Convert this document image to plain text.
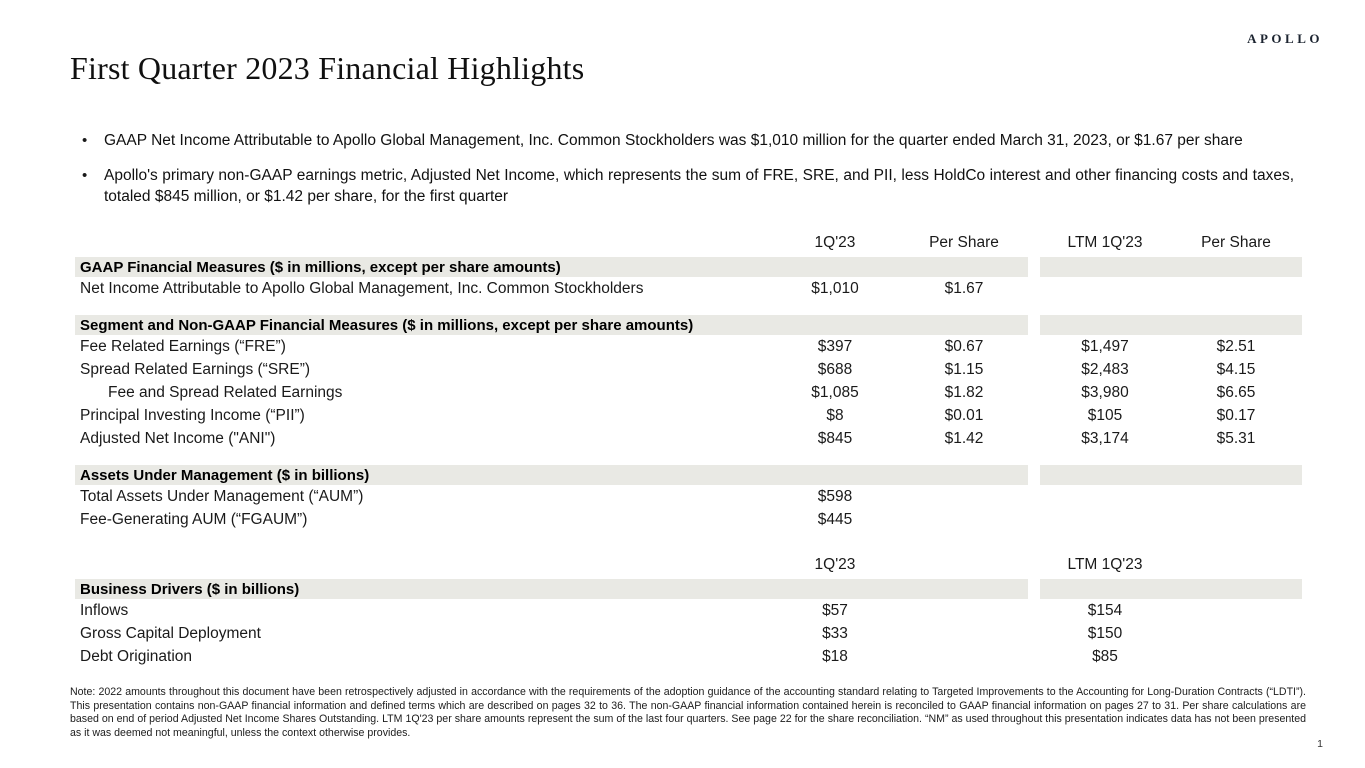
APOLLO
First Quarter 2023 Financial Highlights
•	GAAP Net Income Attributable to Apollo Global Management, Inc. Common Stockholders was $1,010 million for the quarter ended March 31, 2023, or $1.67 per share
•	Apollo's primary non-GAAP earnings metric, Adjusted Net Income, which represents the sum of FRE, SRE, and PII, less HoldCo interest and other financing costs and taxes, totaled $845 million, or $1.42 per share, for the first quarter
1Q'23	Per Share	LTM 1Q'23	Per Share
GAAP Financial Measures ($ in millions, except per share amounts)
Net Income Attributable to Apollo Global Management, Inc. Common Stockholders	$1,010	$1.67
Segment and Non-GAAP Financial Measures ($ in millions, except per share amounts)
Fee Related Earnings (“FRE”)	$397	$0.67	$1,497	$2.51
Spread Related Earnings (“SRE”)	$688	$1.15	$2,483	$4.15
Fee and Spread Related Earnings	$1,085	$1.82	$3,980	$6.65
Principal Investing Income (“PII”)	$8	$0.01	$105	$0.17
Adjusted Net Income ("ANI")	$845	$1.42	$3,174	$5.31
Assets Under Management ($ in billions)
Total Assets Under Management (“AUM”)	$598
Fee-Generating AUM (“FGAUM”)	$445
1Q'23	LTM 1Q'23
Business Drivers ($ in billions)
Inflows	$57	$154
Gross Capital Deployment	$33	$150
Debt Origination	$18	$85
Note: 2022 amounts throughout this document have been retrospectively adjusted in accordance with the requirements of the adoption guidance of the accounting standard relating to Targeted Improvements to the Accounting for Long-Duration Contracts (“LDTI”). This presentation contains non-GAAP financial information and defined terms which are described on pages 32 to 36. The non-GAAP financial information contained herein is reconciled to GAAP financial information on pages 27 to 31. Per share calculations are based on end of period Adjusted Net Income Shares Outstanding. LTM 1Q'23 per share amounts represent the sum of the last four quarters. See page 22 for the share reconciliation. “NM” as used throughout this presentation indicates data has not been presented as it was deemed not meaningful, unless the context otherwise provides.
1
